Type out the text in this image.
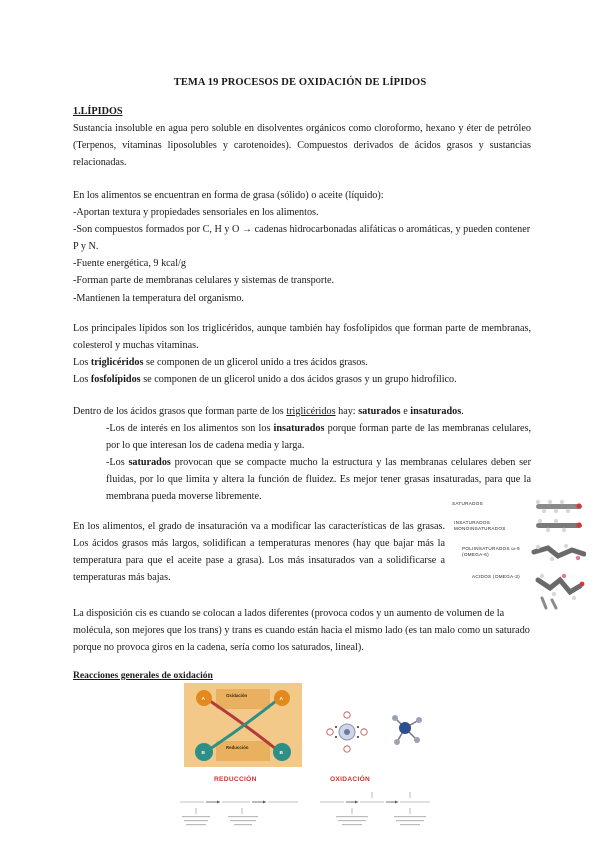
TEMA 19 PROCESOS DE OXIDACIÓN DE LÍPIDOS

1.LÍPIDOS

Sustancia insoluble en agua pero soluble en disolventes orgánicos como cloroformo, hexano y éter de petróleo (Terpenos, vitaminas liposolubles y carotenoides). Compuestos derivados de ácidos grasos y sustancias relacionadas.

En los alimentos se encuentran en forma de grasa (sólido) o aceite (líquido):

-Aportan textura y propiedades sensoriales en los alimentos.

-Son compuestos formados por C, H y O → cadenas hidrocarbonadas alifáticas o aromáticas, y pueden contener P y N.

-Fuente energética, 9 kcal/g

-Forman parte de membranas celulares y sistemas de transporte.

-Mantienen la temperatura del organismo.

Los principales lípidos son los triglicéridos, aunque también hay fosfolípidos que forman parte de membranas, colesterol y muchas vitaminas.

Los triglicéridos se componen de un glicerol unido a tres ácidos grasos.

Los fosfolípidos se componen de un glicerol unido a dos ácidos grasos y un grupo hidrofílico.

Dentro de los ácidos grasos que forman parte de los triglicéridos hay: saturados e insaturados.

-Los de interés en los alimentos son los insaturados porque forman parte de las membranas celulares, por lo que interesan los de cadena media y larga.

-Los saturados provocan que se compacte mucho la estructura y las membranas celulares deben ser fluidas, por lo que limita y altera la función de fluidez. Es mejor tener grasas insaturadas, para que la membrana pueda moverse libremente.

En los alimentos, el grado de insaturación va a modificar las características de las grasas. Los ácidos grasos más largos, solidifican a temperaturas menores (hay que bajar más la temperatura para que el aceite pase a grasa). Los más insaturados van a solidificarse a temperaturas más bajas.

SATURADOS
INSATURADOS MONOINSATURADOS
POLIINSATURADOS ω-6 (OMEGA-6)
ACIDOS (OMEGA-3)

La disposición cis es cuando se colocan a lados diferentes (provoca codos y un aumento de volumen de la molécula, son mejores que los trans) y trans es cuando están hacia el mismo lado (es tan malo como un saturado porque no provoca giros en la cadena, sería como los saturados, lineal).

Reacciones generales de oxidación

A	A
B	B
Oxidación
Reducción
REDUCCIÓN	OXIDACIÓN
